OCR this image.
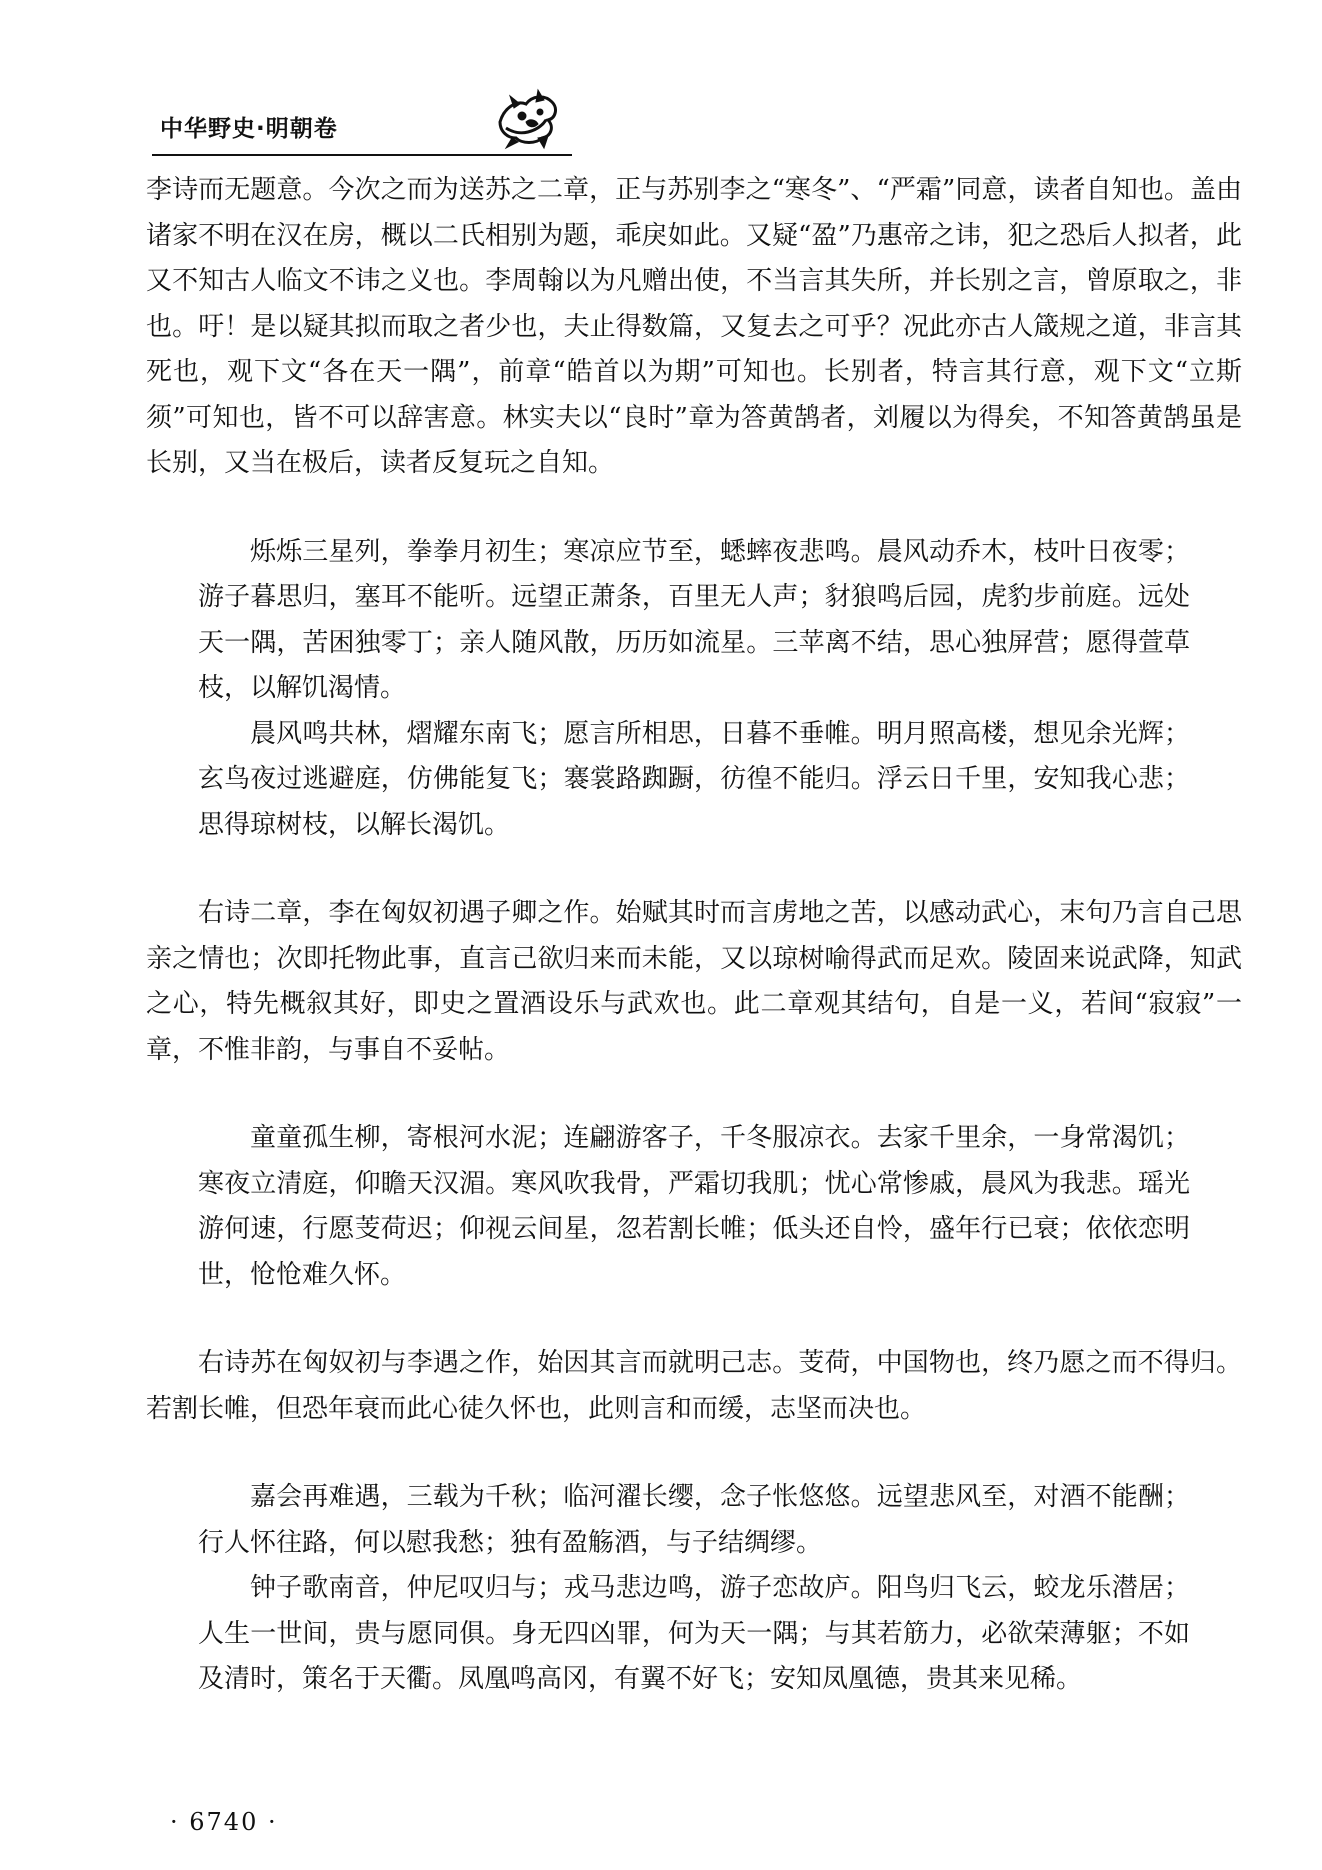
中华野史·明朝卷

李诗而无题意。今次之而为送苏之二章，正与苏别李之“寒冬”、“严霜”同意，读者自知也。盖由诸家不明在汉在房，概以二氏相别为题，乖戾如此。又疑“盈”乃惠帝之讳，犯之恐后人拟者，此又不知古人临文不讳之义也。李周翰以为凡赠出使，不当言其失所，并长别之言，曾原取之，非也。吁！是以疑其拟而取之者少也，夫止得数篇，又复去之可乎？况此亦古人箴规之道，非言其死也，观下文“各在天一隅”，前章“皓首以为期”可知也。长别者，特言其行意，观下文“立斯须”可知也，皆不可以辞害意。林实夫以“良时”章为答黄鹄者，刘履以为得矣，不知答黄鹄虽是长别，又当在极后，读者反复玩之自知。

烁烁三星列，拳拳月初生；寒凉应节至，蟋蟀夜悲鸣。晨风动乔木，枝叶日夜零；游子暮思归，塞耳不能听。远望正萧条，百里无人声；豺狼鸣后园，虎豹步前庭。远处天一隅，苦困独零丁；亲人随风散，历历如流星。三苹离不结，思心独屏营；愿得萱草枝，以解饥渴情。

晨风鸣共林，熠耀东南飞；愿言所相思，日暮不垂帷。明月照高楼，想见余光辉；玄鸟夜过逃避庭，仿佛能复飞；褰裳路踟蹰，彷徨不能归。浮云日千里，安知我心悲；思得琼树枝，以解长渴饥。

右诗二章，李在匈奴初遇子卿之作。始赋其时而言虏地之苦，以感动武心，末句乃言自己思亲之情也；次即托物此事，直言己欲归来而未能，又以琼树喻得武而足欢。陵固来说武降，知武之心，特先概叙其好，即史之置酒设乐与武欢也。此二章观其结句，自是一义，若间“寂寂”一章，不惟非韵，与事自不妥帖。

童童孤生柳，寄根河水泥；连翩游客子，千冬服凉衣。去家千里余，一身常渴饥；寒夜立清庭，仰瞻天汉湄。寒风吹我骨，严霜切我肌；忧心常惨戚，晨风为我悲。瑶光游何速，行愿芰荷迟；仰视云间星，忽若割长帷；低头还自怜，盛年行已衰；依依恋明世，怆怆难久怀。

右诗苏在匈奴初与李遇之作，始因其言而就明己志。芰荷，中国物也，终乃愿之而不得归。若割长帷，但恐年衰而此心徒久怀也，此则言和而缓，志坚而决也。

嘉会再难遇，三载为千秋；临河濯长缨，念子怅悠悠。远望悲风至，对酒不能酬；行人怀往路，何以慰我愁；独有盈觞酒，与子结绸缪。

钟子歌南音，仲尼叹归与；戎马悲边鸣，游子恋故庐。阳鸟归飞云，蛟龙乐潜居；人生一世间，贵与愿同俱。身无四凶罪，何为天一隅；与其若筋力，必欲荣薄躯；不如及清时，策名于天衢。凤凰鸣高冈，有翼不好飞；安知凤凰德，贵其来见稀。

· 6740 ·
